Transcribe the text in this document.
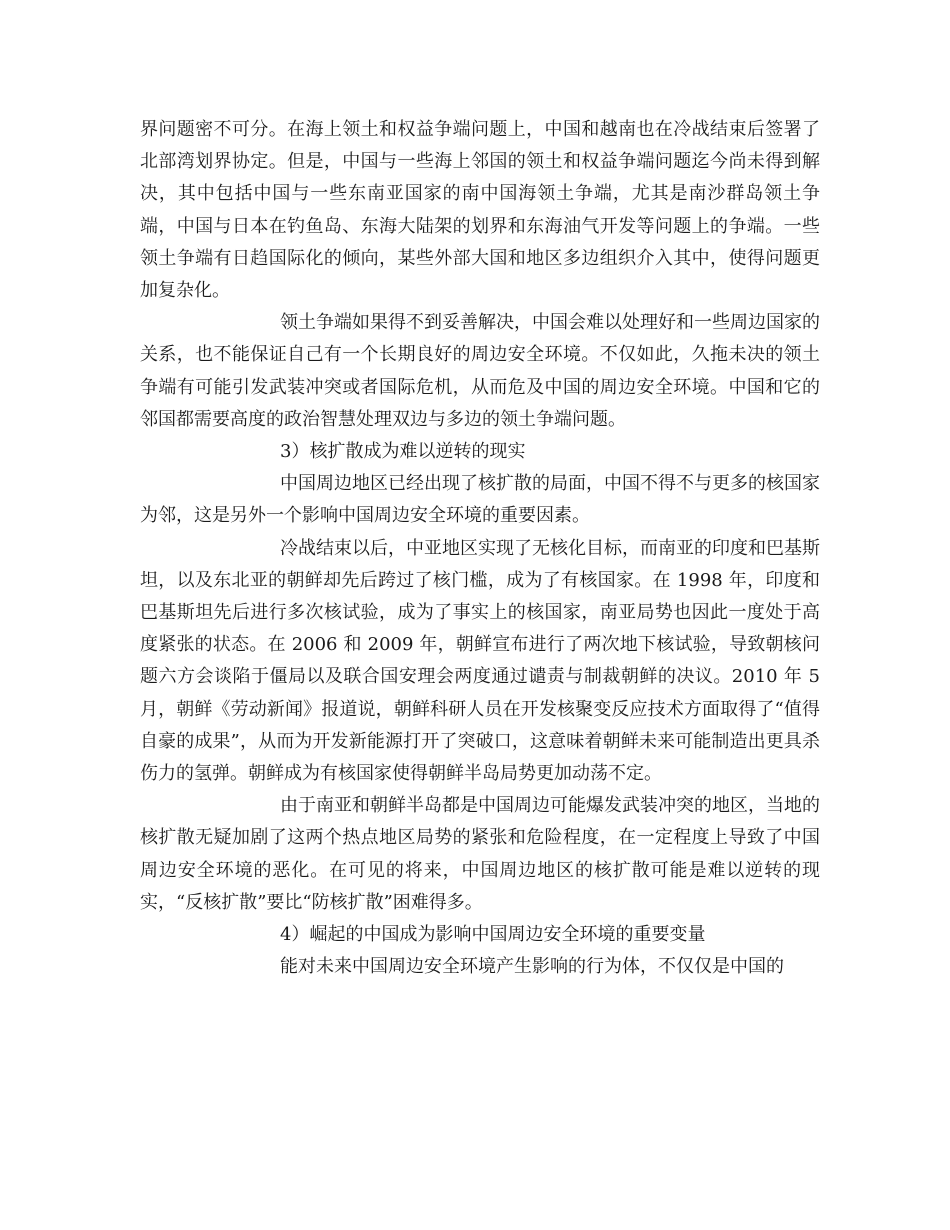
界问题密不可分。在海上领土和权益争端问题上，中国和越南也在冷战结束后签署了北部湾划界协定。但是，中国与一些海上邻国的领土和权益争端问题迄今尚未得到解决，其中包括中国与一些东南亚国家的南中国海领土争端，尤其是南沙群岛领土争端，中国与日本在钓鱼岛、东海大陆架的划界和东海油气开发等问题上的争端。一些领土争端有日趋国际化的倾向，某些外部大国和地区多边组织介入其中，使得问题更加复杂化。

领土争端如果得不到妥善解决，中国会难以处理好和一些周边国家的关系，也不能保证自己有一个长期良好的周边安全环境。不仅如此，久拖未决的领土争端有可能引发武装冲突或者国际危机，从而危及中国的周边安全环境。中国和它的邻国都需要高度的政治智慧处理双边与多边的领土争端问题。

3）核扩散成为难以逆转的现实

中国周边地区已经出现了核扩散的局面，中国不得不与更多的核国家为邻，这是另外一个影响中国周边安全环境的重要因素。

冷战结束以后，中亚地区实现了无核化目标，而南亚的印度和巴基斯坦，以及东北亚的朝鲜却先后跨过了核门槛，成为了有核国家。在 1998 年，印度和巴基斯坦先后进行多次核试验，成为了事实上的核国家，南亚局势也因此一度处于高度紧张的状态。在 2006 和 2009 年，朝鲜宣布进行了两次地下核试验，导致朝核问题六方会谈陷于僵局以及联合国安理会两度通过谴责与制裁朝鲜的决议。2010 年 5 月，朝鲜《劳动新闻》报道说，朝鲜科研人员在开发核聚变反应技术方面取得了“值得自豪的成果”，从而为开发新能源打开了突破口，这意味着朝鲜未来可能制造出更具杀伤力的氢弹。朝鲜成为有核国家使得朝鲜半岛局势更加动荡不定。

由于南亚和朝鲜半岛都是中国周边可能爆发武装冲突的地区，当地的核扩散无疑加剧了这两个热点地区局势的紧张和危险程度，在一定程度上导致了中国周边安全环境的恶化。在可见的将来，中国周边地区的核扩散可能是难以逆转的现实，“反核扩散”要比“防核扩散”困难得多。

4）崛起的中国成为影响中国周边安全环境的重要变量

能对未来中国周边安全环境产生影响的行为体，不仅仅是中国的
